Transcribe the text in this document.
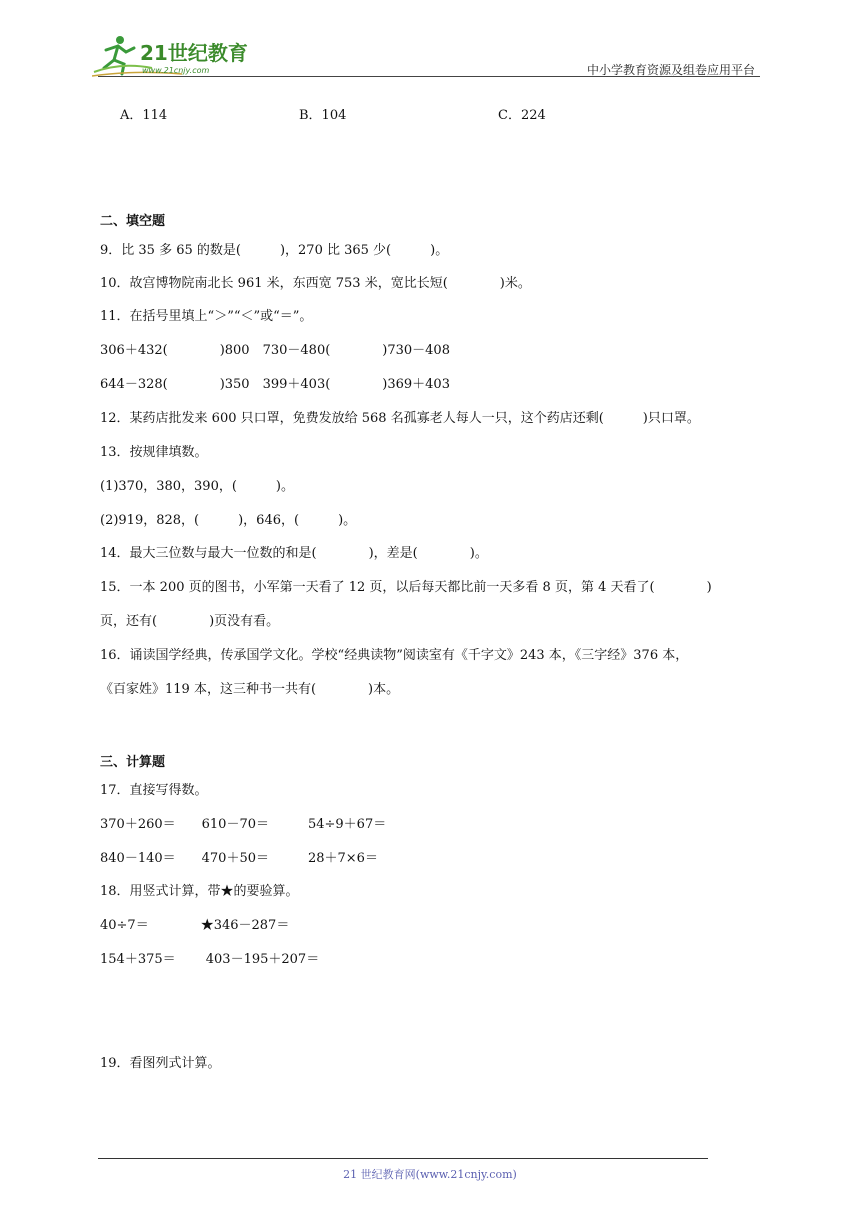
21世纪教育
www.21cnjy.com	中小学教育资源及组卷应用平台
A．114	B．104	C．224
二、填空题
9．比 35 多 65 的数是(　　　)，270 比 365 少(　　　)。
10．故宫博物院南北长 961 米，东西宽 753 米，宽比长短(　　　　)米。
11．在括号里填上“＞”“＜”或“＝”。
306＋432(　　　　)800　730－480(　　　　)730－408
644－328(　　　　)350　399＋403(　　　　)369＋403
12．某药店批发来 600 只口罩，免费发放给 568 名孤寡老人每人一只，这个药店还剩(　　　)只口罩。
13．按规律填数。
(1)370，380，390，(　　　)。
(2)919，828，(　　　)，646，(　　　)。
14．最大三位数与最大一位数的和是(　　　　)，差是(　　　　)。
15．一本 200 页的图书，小军第一天看了 12 页，以后每天都比前一天多看 8 页，第 4 天看了(　　　　)
页，还有(　　　　)页没有看。
16．诵读国学经典，传承国学文化。学校“经典读物”阅读室有《千字文》243 本，《三字经》376 本，
《百家姓》119 本，这三种书一共有(　　　　)本。
三、计算题
17．直接写得数。
370＋260＝　　610－70＝　　　54÷9＋67＝
840－140＝　　470＋50＝　　　28＋7×6＝
18．用竖式计算，带★的要验算。
40÷7＝　　　　★346－287＝
154＋375＝　　 403－195＋207＝
19．看图列式计算。
21 世纪教育网(www.21cnjy.com)
